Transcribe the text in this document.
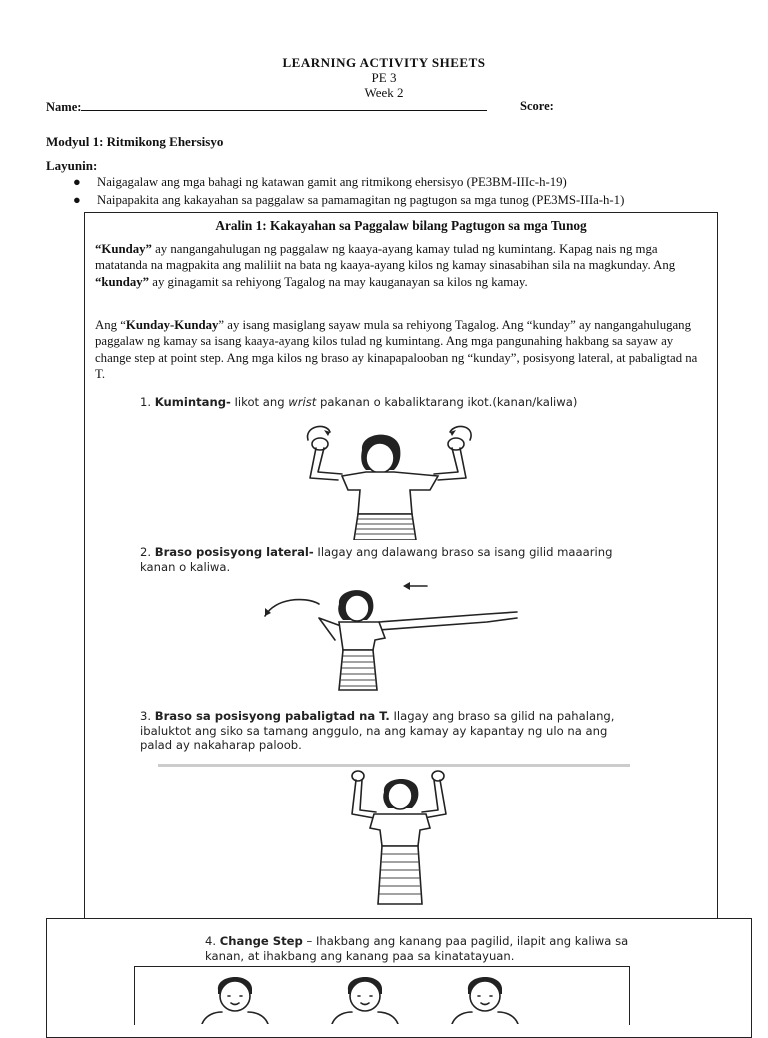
LEARNING ACTIVITY SHEETS
PE 3
Week 2
Name:	Score:
Modyul 1: Ritmikong Ehersisyo
Layunin:
● Naigagalaw ang mga bahagi ng katawan gamit ang ritmikong ehersisyo (PE3BM-IIIc-h-19)
● Naipapakita ang kakayahan sa paggalaw sa pamamagitan ng pagtugon sa mga tunog (PE3MS-IIIa-h-1)
Aralin 1: Kakayahan sa Paggalaw bilang Pagtugon sa mga Tunog
“Kunday” ay nangangahulugan ng paggalaw ng kaaya-ayang kamay tulad ng kumintang. Kapag nais ng mga matatanda na magpakita ang maliliit na bata ng kaaya-ayang kilos ng kamay sinasabihan sila na magkunday. Ang “kunday” ay ginagamit sa rehiyong Tagalog na may kauganayan sa kilos ng kamay.
Ang “Kunday-Kunday” ay isang masiglang sayaw mula sa rehiyong Tagalog. Ang “kunday” ay nangangahulugang paggalaw ng kamay sa isang kaaya-ayang kilos tulad ng kumintang. Ang mga pangunahing hakbang sa sayaw ay change step at point step. Ang mga kilos ng braso ay kinapapalooban ng “kunday”, posisyong lateral, at pabaligtad na T.
1. Kumintang- Iikot ang wrist pakanan o kabaliktarang ikot.(kanan/kaliwa)
2. Braso posisyong lateral- Ilagay ang dalawang braso sa isang gilid maaaring kanan o kaliwa.
3. Braso sa posisyong pabaligtad na T. Ilagay ang braso sa gilid na pahalang, ibaluktot ang siko sa tamang anggulo, na ang kamay ay kapantay ng ulo na ang palad ay nakaharap paloob.
4. Change Step – Ihakbang ang kanang paa pagilid, ilapit ang kaliwa sa kanan, at ihakbang ang kanang paa sa kinatatayuan.
